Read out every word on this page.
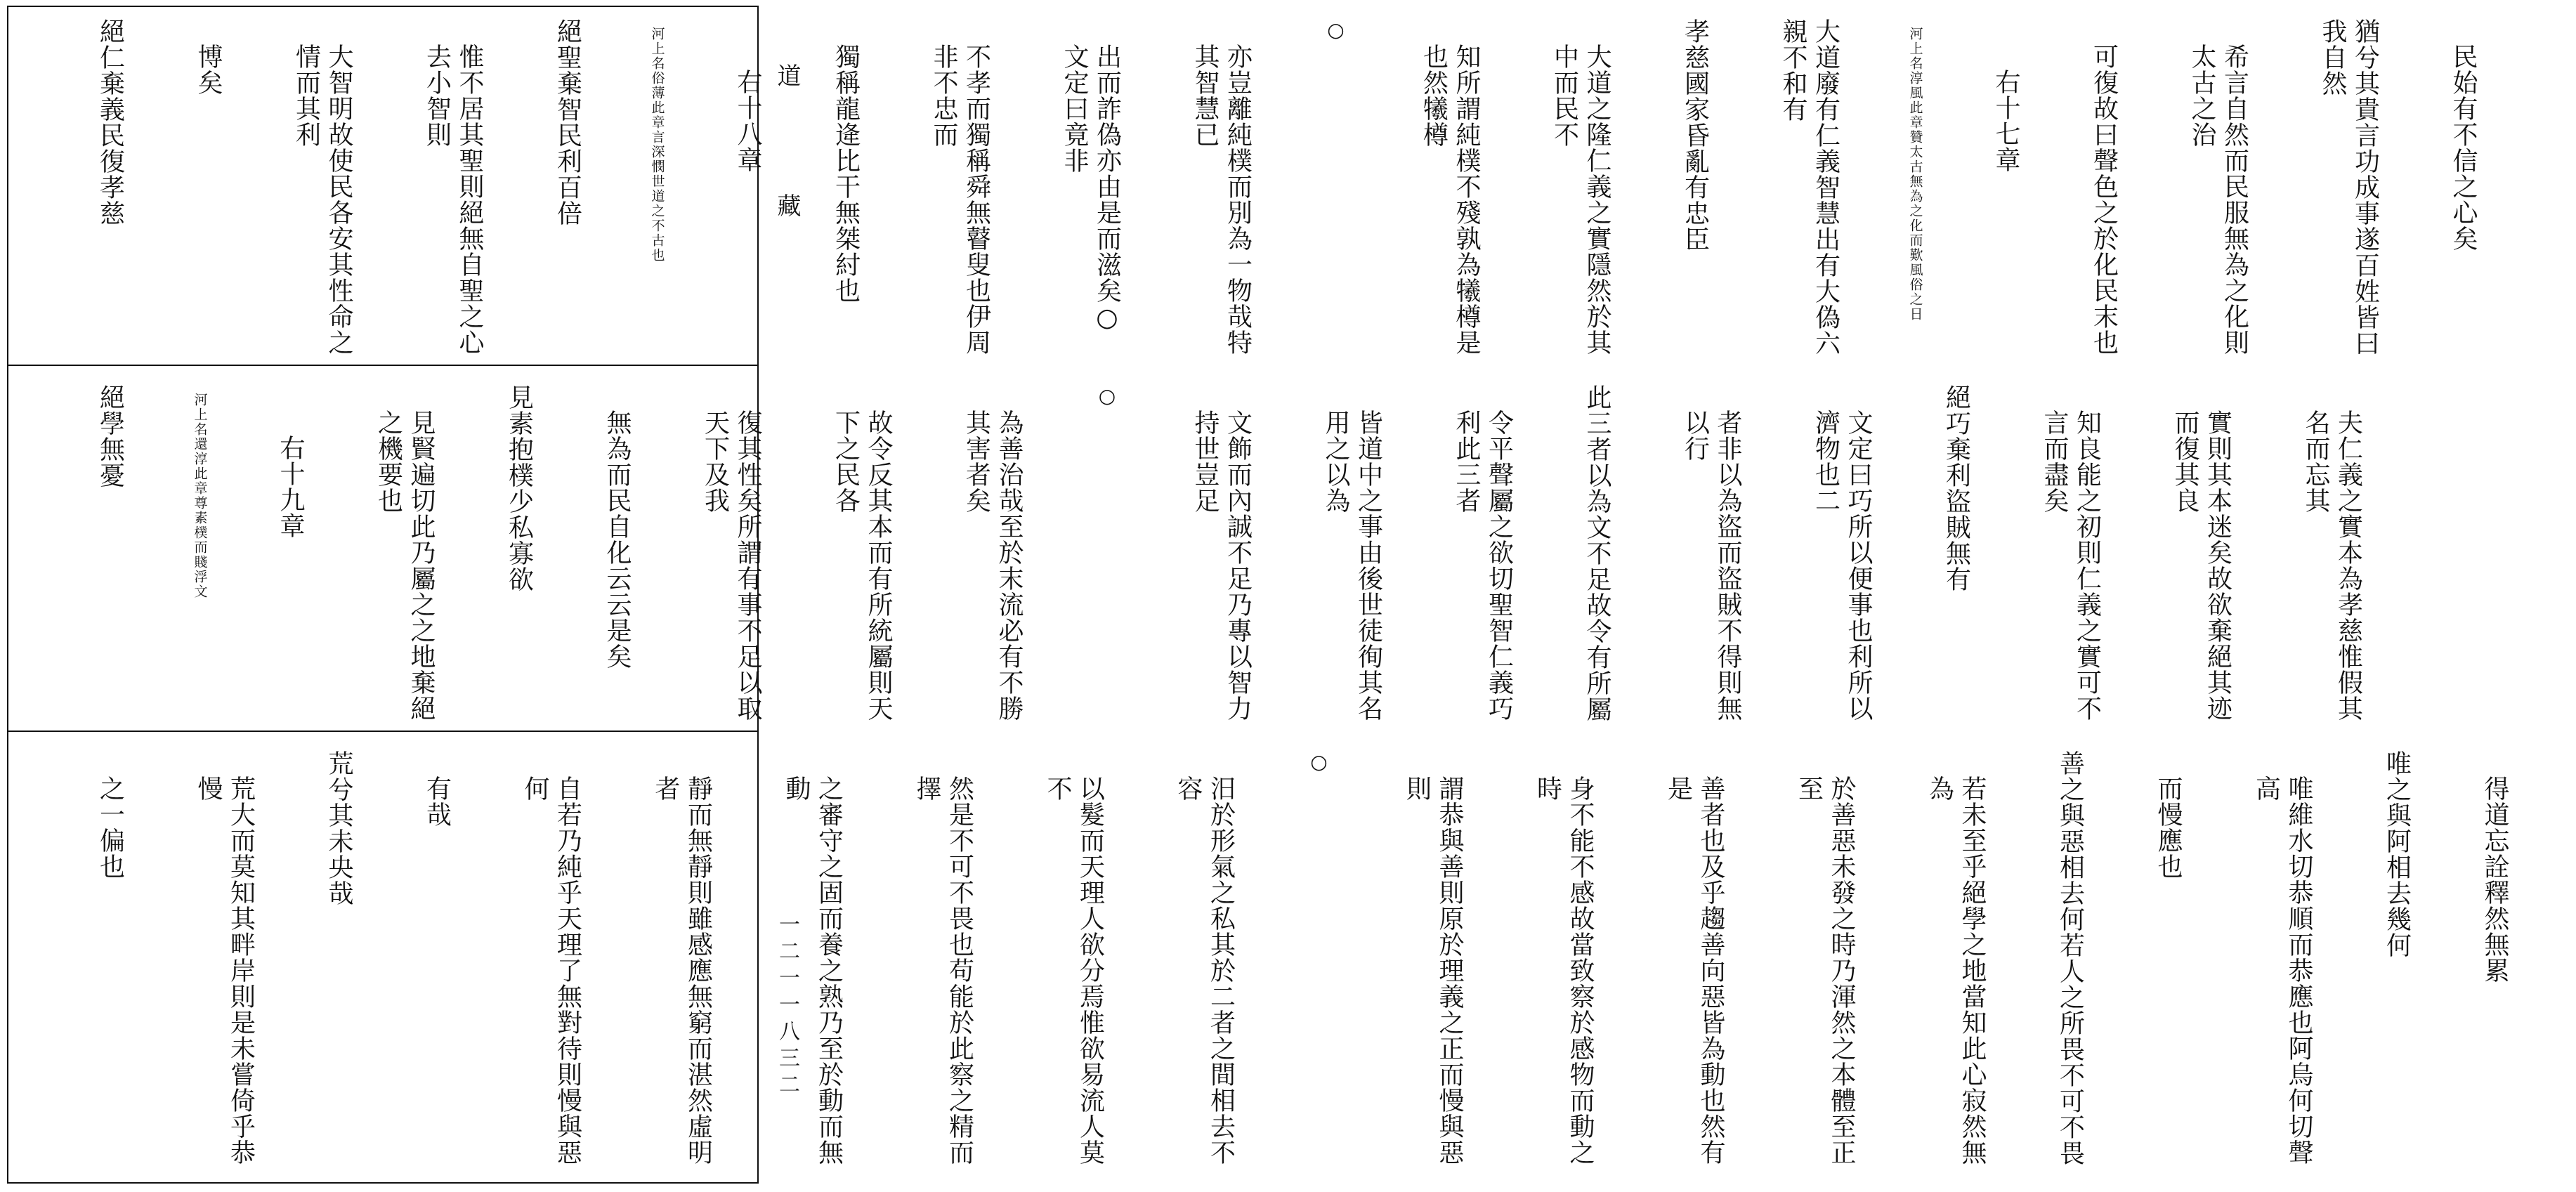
道
藏
一二一一八三二

民始有不信之心矣

猶兮其貴言功成事遂百姓皆曰我自然

希言自然而民服無為之化則太古之治

可復故曰聲色之於化民末也

右十七章

河上名淳風此章贊太古無為之化而歎風俗之日

大道廢有仁義智慧出有大偽六親不和有

孝慈國家昏亂有忠臣

大道之隆仁義之實隱然於其中而民不

知所謂純樸不殘孰為犧樽是也然犧樽

○

亦豈離純樸而別為一物哉特其智慧已

出而詐偽亦由是而滋矣○文定曰竟非

不孝而獨稱舜無瞽叟也伊周非不忠而

獨稱龍逄比干無桀紂也

右十八章

河上名俗薄此章言深憫世道之不古也

絕聖棄智民利百倍

惟不居其聖則絕無自聖之心去小智則

大智明故使民各安其性命之情而其利

博矣

絕仁棄義民復孝慈

夫仁義之實本為孝慈惟假其名而忘其

實則其本迷矣故欲棄絕其迹而復其良

知良能之初則仁義之實可不言而盡矣

絕巧棄利盜賊無有

文定曰巧所以便事也利所以濟物也二

者非以為盜而盜賊不得則無以行

此三者以為文不足故令有所屬

令平聲屬之欲切聖智仁義巧利此三者

皆道中之事由後世徒徇其名用之以為

文飾而內誠不足乃專以智力持世豈足

○

為善治哉至於末流必有不勝其害者矣

故令反其本而有所統屬則天下之民各

復其性矣所謂有事不足以取天下及我

無為而民自化云云是矣

見素抱樸少私寡欲

見賢遍切此乃屬之之地棄絕之機要也

右十九章

河上名還淳此章尊素樸而賤浮文

絕學無憂

得道忘詮釋然無累

唯之與阿相去幾何

唯維水切恭順而恭應也阿烏何切聲高

而慢應也

善之與惡相去何若人之所畏不可不畏

若未至乎絕學之地當知此心寂然無為

於善惡未發之時乃渾然之本體至正至

善者也及乎趨善向惡皆為動也然有是

身不能不感故當致察於感物而動之時

謂恭與善則原於理義之正而慢與惡則

○

汨於形氣之私其於二者之間相去不容

以髮而天理人欲分焉惟欲易流人莫不

然是不可不畏也苟能於此察之精而擇

之審守之固而養之熟乃至於動而無動

靜而無靜則雖感應無窮而湛然虛明者

自若乃純乎天理了無對待則慢與惡何

有哉

荒兮其未央哉

荒大而莫知其畔岸則是未嘗倚乎恭慢

之一偏也
